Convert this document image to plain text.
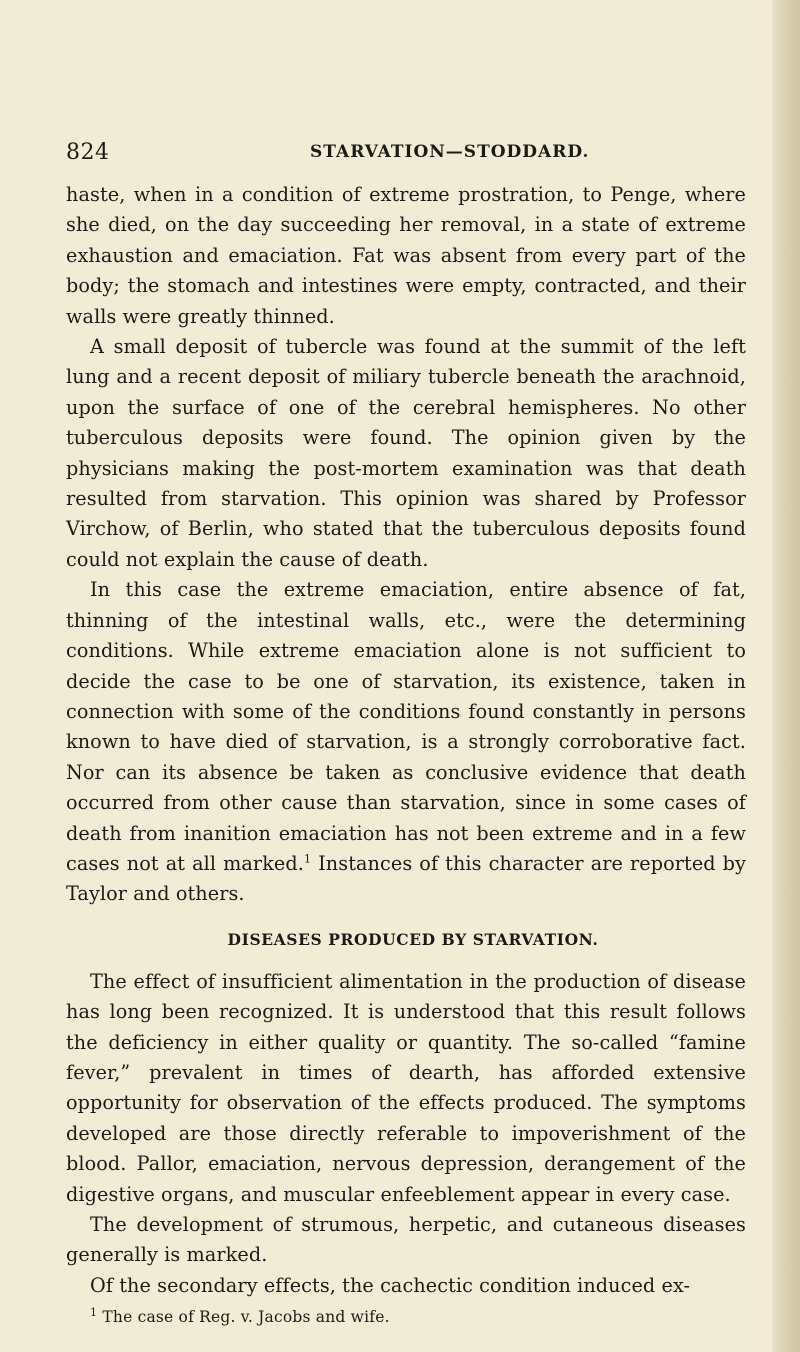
824	STARVATION—STODDARD.

haste, when in a condition of extreme prostration, to Penge, where she died, on the day succeeding her removal, in a state of extreme exhaustion and emaciation. Fat was absent from every part of the body; the stomach and intestines were empty, contracted, and their walls were greatly thinned.

A small deposit of tubercle was found at the summit of the left lung and a recent deposit of miliary tubercle beneath the arachnoid, upon the surface of one of the cerebral hemispheres. No other tuberculous deposits were found. The opinion given by the physicians making the post-mortem examination was that death resulted from starvation. This opinion was shared by Professor Virchow, of Berlin, who stated that the tuberculous deposits found could not explain the cause of death.

In this case the extreme emaciation, entire absence of fat, thinning of the intestinal walls, etc., were the determining conditions. While extreme emaciation alone is not sufficient to decide the case to be one of starvation, its existence, taken in connection with some of the conditions found constantly in persons known to have died of starvation, is a strongly corroborative fact. Nor can its absence be taken as conclusive evidence that death occurred from other cause than starvation, since in some cases of death from inanition emaciation has not been extreme and in a few cases not at all marked.$^1$ Instances of this character are reported by Taylor and others.

DISEASES PRODUCED BY STARVATION.

The effect of insufficient alimentation in the production of disease has long been recognized. It is understood that this result follows the deficiency in either quality or quantity. The so-called “famine fever,” prevalent in times of dearth, has afforded extensive opportunity for observation of the effects produced. The symptoms developed are those directly referable to impoverishment of the blood. Pallor, emaciation, nervous depression, derangement of the digestive organs, and muscular enfeeblement appear in every case.

The development of strumous, herpetic, and cutaneous diseases generally is marked.

Of the secondary effects, the cachectic condition induced ex-

$^1$ The case of Reg. v. Jacobs and wife.
